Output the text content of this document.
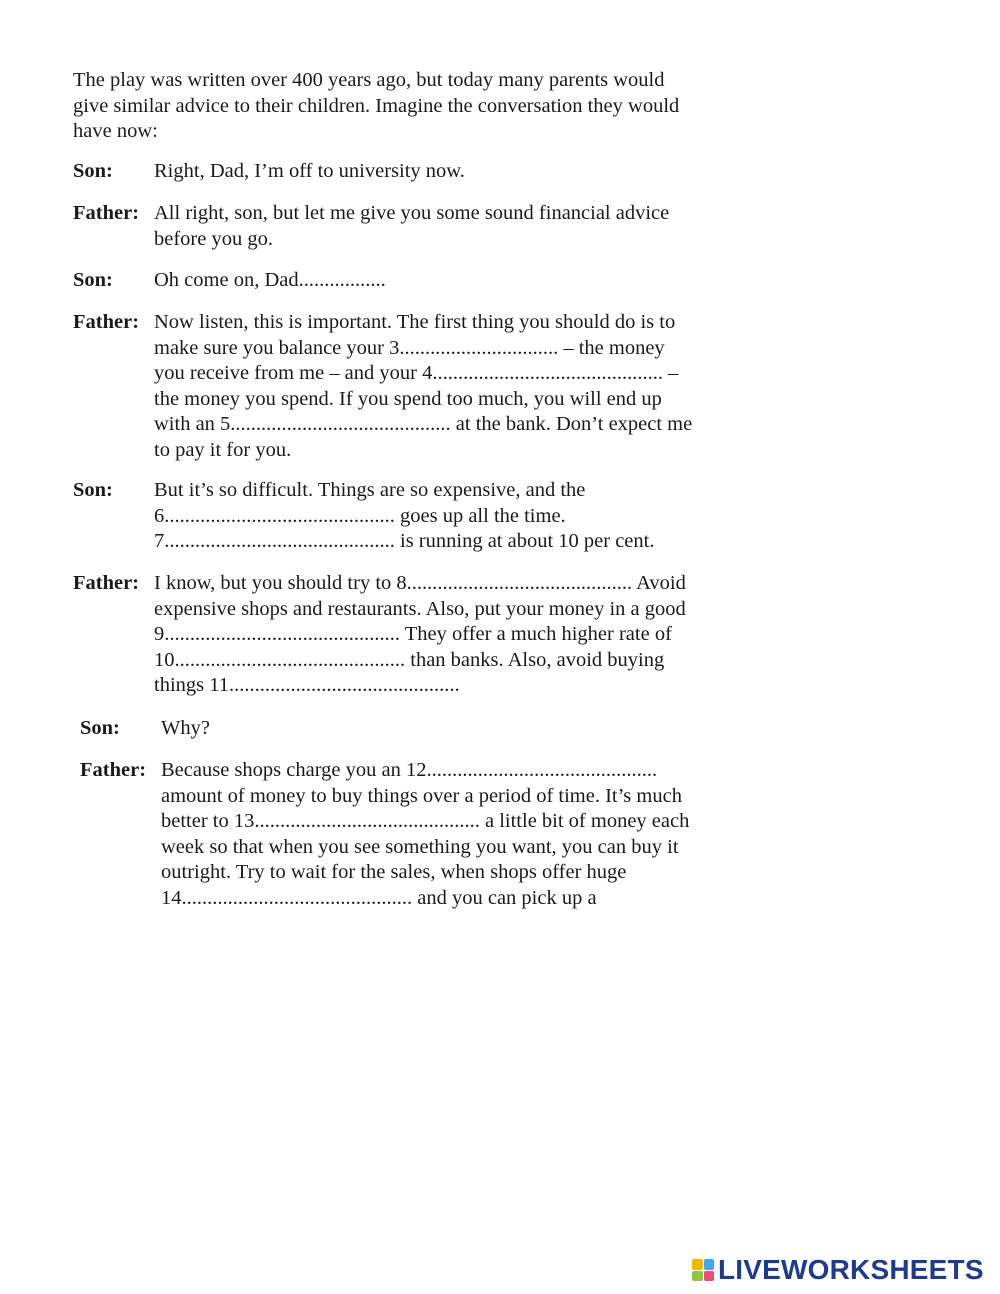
The play was written over 400 years ago, but today many parents would
give similar advice to their children. Imagine the conversation they would
have now:

Son: Right, Dad, I’m off to university now.
Father: All right, son, but let me give you some sound financial advice
before you go.
Son: Oh come on, Dad.................
Father: Now listen, this is important. The first thing you should do is to
make sure you balance your 3............................... – the money
you receive from me – and your 4............................................. –
the money you spend. If you spend too much, you will end up
with an 5........................................... at the bank. Don’t expect me
to pay it for you.
Son: But it’s so difficult. Things are so expensive, and the
6............................................. goes up all the time.
7............................................. is running at about 10 per cent.
Father: I know, but you should try to 8............................................ Avoid
expensive shops and restaurants. Also, put your money in a good
9.............................................. They offer a much higher rate of
10............................................. than banks. Also, avoid buying
things 11.............................................
Son: Why?
Father: Because shops charge you an 12.............................................
amount of money to buy things over a period of time. It’s much
better to 13............................................ a little bit of money each
week so that when you see something you want, you can buy it
outright. Try to wait for the sales, when shops offer huge
14............................................. and you can pick up a
LIVEWORKSHEETS
